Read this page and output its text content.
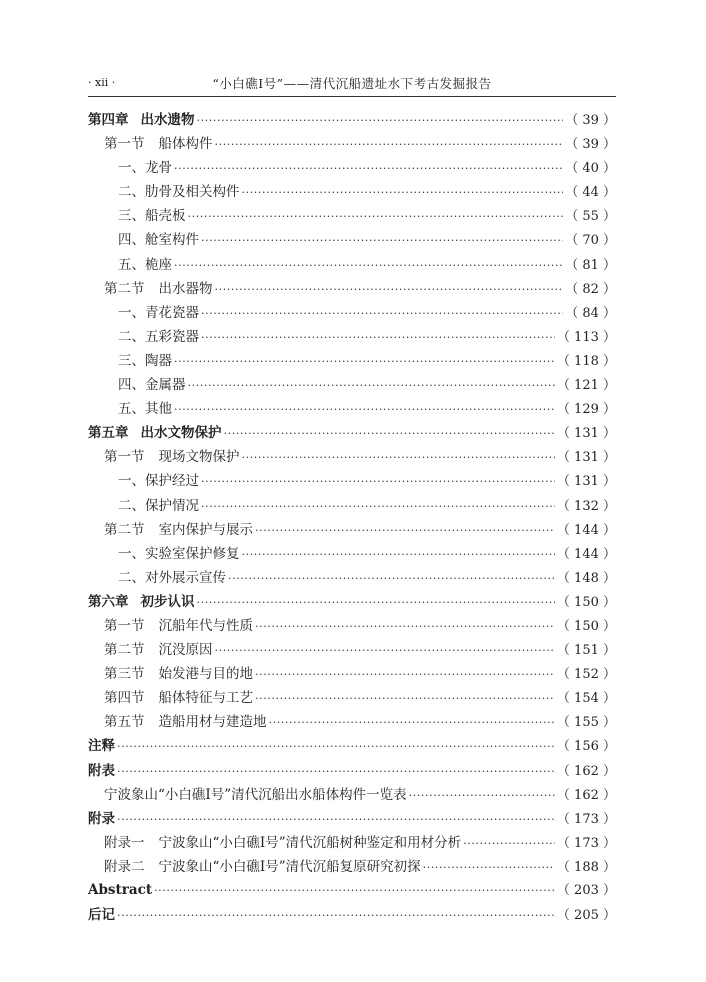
· xii ·	“小白礁Ⅰ号”——清代沉船遗址水下考古发掘报告
第四章 出水遗物 ·····	（ 39 ）
第一节 船体构件 ·····	（ 39 ）
一、龙骨 ·····	（ 40 ）
二、肋骨及相关构件 ·····	（ 44 ）
三、船壳板 ·····	（ 55 ）
四、舱室构件 ·····	（ 70 ）
五、桅座 ·····	（ 81 ）
第二节 出水器物 ·····	（ 82 ）
一、青花瓷器 ·····	（ 84 ）
二、五彩瓷器 ·····	（ 113 ）
三、陶器 ·····	（ 118 ）
四、金属器 ·····	（ 121 ）
五、其他 ·····	（ 129 ）
第五章 出水文物保护 ·····	（ 131 ）
第一节 现场文物保护 ·····	（ 131 ）
一、保护经过 ·····	（ 131 ）
二、保护情况 ·····	（ 132 ）
第二节 室内保护与展示 ·····	（ 144 ）
一、实验室保护修复 ·····	（ 144 ）
二、对外展示宣传 ·····	（ 148 ）
第六章 初步认识 ·····	（ 150 ）
第一节 沉船年代与性质 ·····	（ 150 ）
第二节 沉没原因 ·····	（ 151 ）
第三节 始发港与目的地 ·····	（ 152 ）
第四节 船体特征与工艺 ·····	（ 154 ）
第五节 造船用材与建造地 ·····	（ 155 ）
注释 ·····	（ 156 ）
附表 ·····	（ 162 ）
宁波象山“小白礁Ⅰ号”清代沉船出水船体构件一览表 ·····	（ 162 ）
附录 ·····	（ 173 ）
附录一 宁波象山“小白礁Ⅰ号”清代沉船树种鉴定和用材分析 ·····	（ 173 ）
附录二 宁波象山“小白礁Ⅰ号”清代沉船复原研究初探 ·····	（ 188 ）
Abstract ·····	（ 203 ）
后记 ·····	（ 205 ）
